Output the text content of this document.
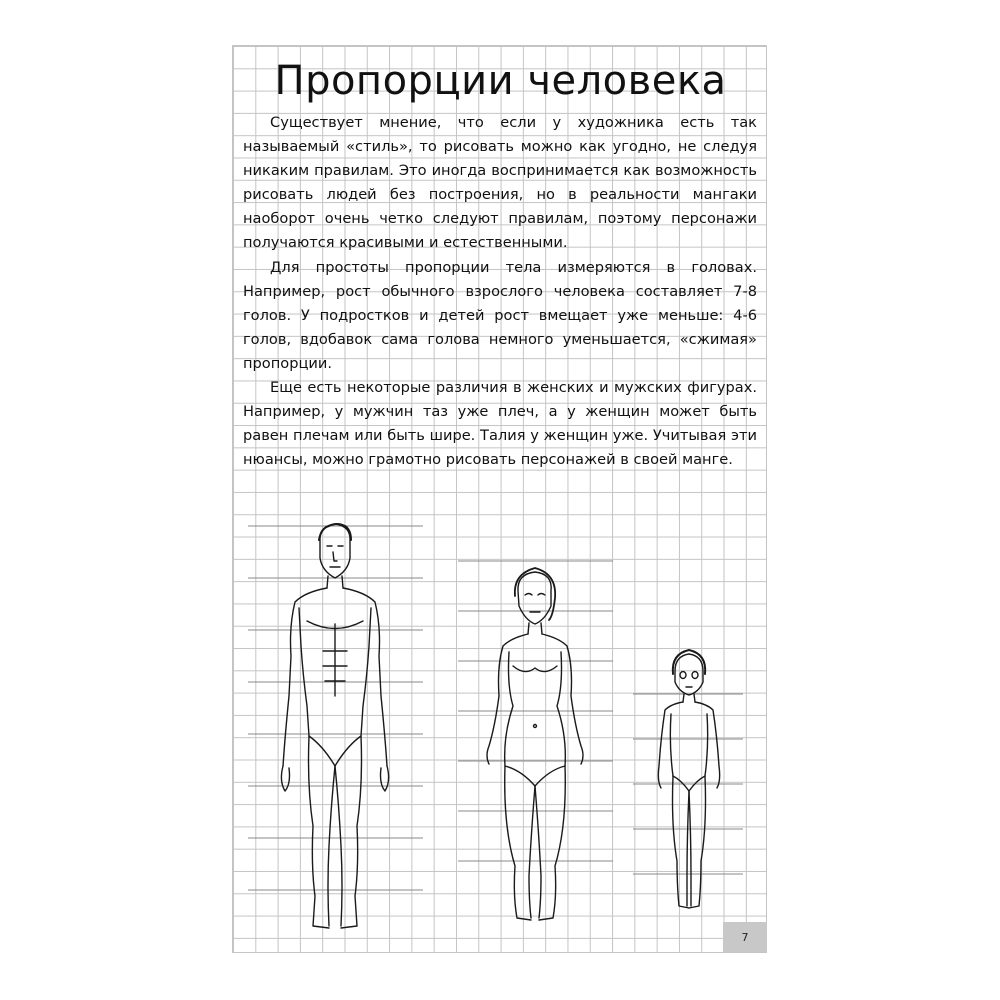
Пропорции человека

Существует мнение, что если у художника есть так называемый «стиль», то рисовать можно как угодно, не следуя никаким правилам. Это иногда воспринимается как возможность рисовать людей без построения, но в реальности мангаки наоборот очень четко следуют правилам, поэтому персонажи получаются красивыми и естественными.

Для простоты пропорции тела измеряются в головах. Например, рост обычного взрослого человека составляет 7-8 голов. У подростков и детей рост вмещает уже меньше: 4-6 голов, вдобавок сама голова немного уменьшается, «сжимая» пропорции.

Еще есть некоторые различия в женских и мужских фигурах. Например, у мужчин таз уже плеч, а у женщин может быть равен плечам или быть шире. Талия у женщин уже. Учитывая эти нюансы, можно грамотно рисовать персонажей в своей манге.

7
